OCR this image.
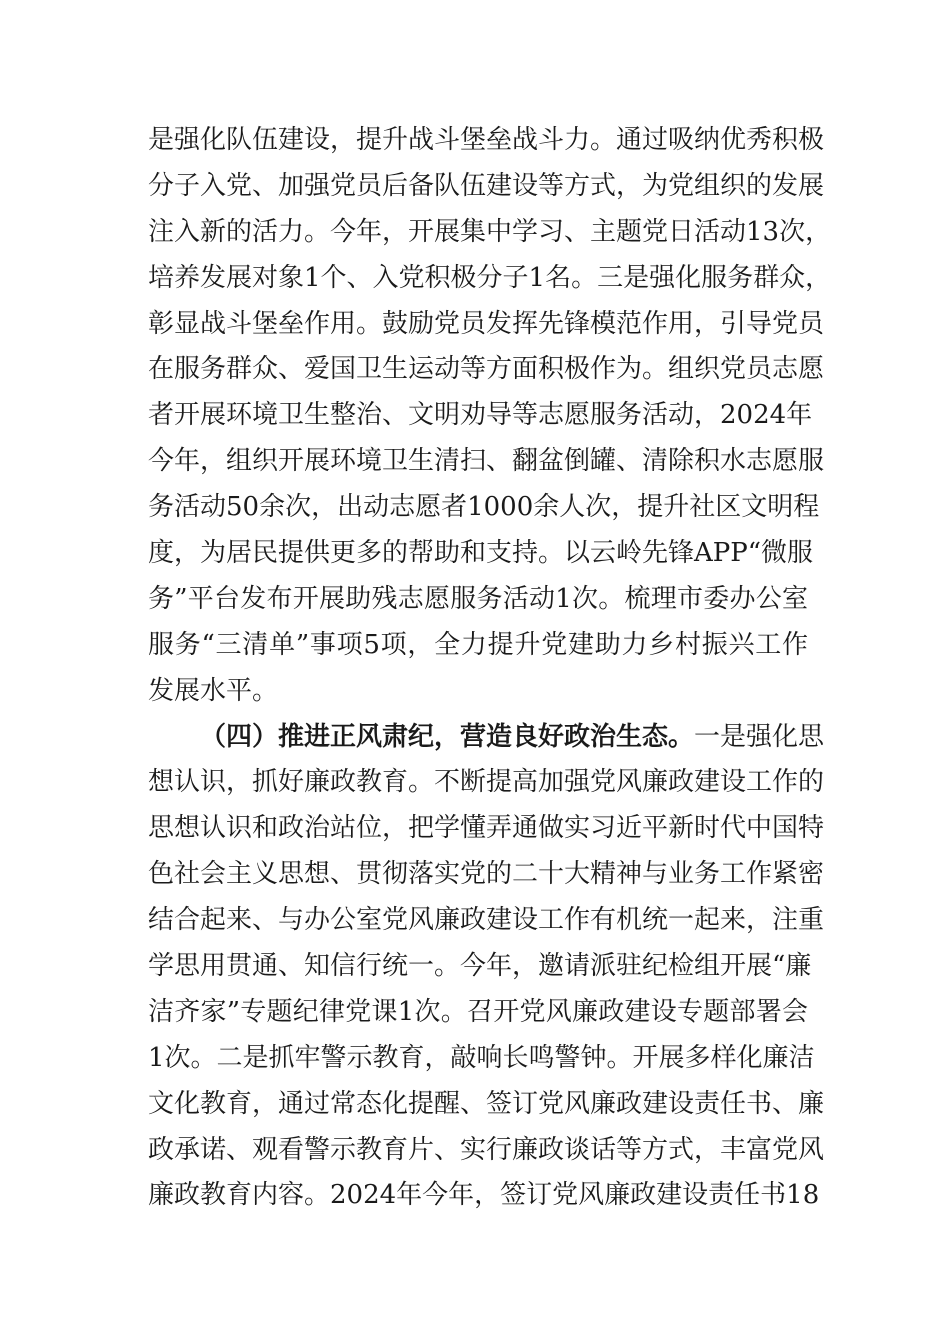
是强化队伍建设，提升战斗堡垒战斗力。通过吸纳优秀积极
分子入党、加强党员后备队伍建设等方式，为党组织的发展
注入新的活力。今年，开展集中学习、主题党日活动13次，
培养发展对象1个、入党积极分子1名。三是强化服务群众，
彰显战斗堡垒作用。鼓励党员发挥先锋模范作用，引导党员
在服务群众、爱国卫生运动等方面积极作为。组织党员志愿
者开展环境卫生整治、文明劝导等志愿服务活动，2024年
今年，组织开展环境卫生清扫、翻盆倒罐、清除积水志愿服
务活动50余次，出动志愿者1000余人次，提升社区文明程
度，为居民提供更多的帮助和支持。以云岭先锋APP“微服
务”平台发布开展助残志愿服务活动1次。梳理市委办公室
服务“三清单”事项5项，全力提升党建助力乡村振兴工作
发展水平。
（四）推进正风肃纪，营造良好政治生态。一是强化思
想认识，抓好廉政教育。不断提高加强党风廉政建设工作的
思想认识和政治站位，把学懂弄通做实习近平新时代中国特
色社会主义思想、贯彻落实党的二十大精神与业务工作紧密
结合起来、与办公室党风廉政建设工作有机统一起来，注重
学思用贯通、知信行统一。今年，邀请派驻纪检组开展“廉
洁齐家”专题纪律党课1次。召开党风廉政建设专题部署会
1次。二是抓牢警示教育，敲响长鸣警钟。开展多样化廉洁
文化教育，通过常态化提醒、签订党风廉政建设责任书、廉
政承诺、观看警示教育片、实行廉政谈话等方式，丰富党风
廉政教育内容。2024年今年，签订党风廉政建设责任书18
